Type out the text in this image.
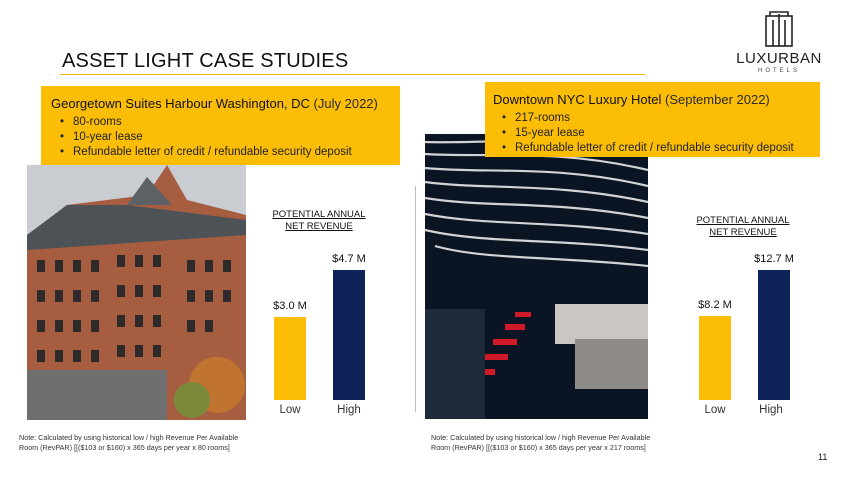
ASSET LIGHT CASE STUDIES	LUXURBAN
HOTELS
Georgetown Suites Harbour Washington, DC (July 2022)
• 80-rooms
• 10-year lease
• Refundable letter of credit / refundable security deposit
POTENTIAL ANNUAL
NET REVENUE
$3.0 M
$4.7 M
Low	High
Note: Calculated by using historical low / high Revenue Per Available
Room (RevPAR) [[($103 or $160) x 365 days per year x 80 rooms]
Downtown NYC Luxury Hotel (September 2022)
• 217-rooms
• 15-year lease
• Refundable letter of credit / refundable security deposit
POTENTIAL ANNUAL
NET REVENUE
$8.2 M
$12.7 M
Low	High
Note: Calculated by using historical low / high Revenue Per Available
Room (RevPAR) [[($103 or $160) x 365 days per year x 217 rooms]
11
